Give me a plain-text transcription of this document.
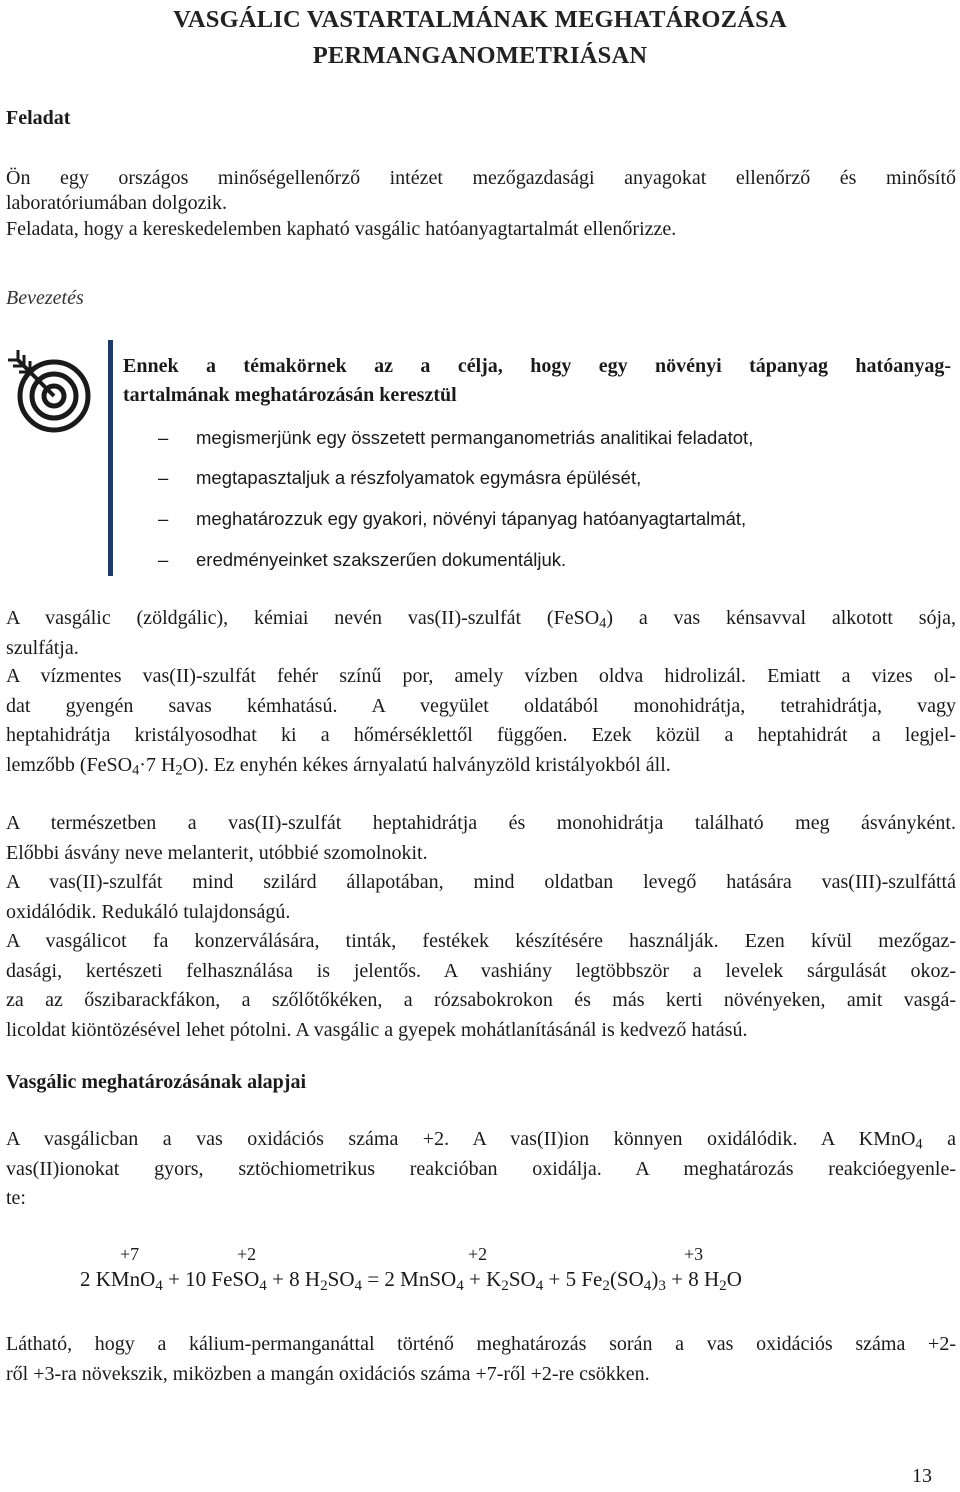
VASGÁLIC VASTARTALMÁNAK MEGHATÁROZÁSA
PERMANGANOMETRIÁSAN
Feladat
Ön egy országos minőségellenőrző intézet mezőgazdasági anyagokat ellenőrző és minősítő
laboratóriumában dolgozik.
Feladata, hogy a kereskedelemben kapható vasgálic hatóanyagtartalmát ellenőrizze.
Bevezetés
Ennek a témakörnek az a célja, hogy egy növényi tápanyag hatóanyag-
tartalmának meghatározásán keresztül
– megismerjünk egy összetett permanganometriás analitikai feladatot,
– megtapasztaljuk a részfolyamatok egymásra épülését,
– meghatározzuk egy gyakori, növényi tápanyag hatóanyagtartalmát,
– eredményeinket szakszerűen dokumentáljuk.
A vasgálic (zöldgálic), kémiai nevén vas(II)-szulfát (FeSO$_4$) a vas kénsavval alkotott sója,
szulfátja.
A vízmentes vas(II)-szulfát fehér színű por, amely vízben oldva hidrolizál. Emiatt a vizes ol-
dat gyengén savas kémhatású. A vegyület oldatából monohidrátja, tetrahidrátja, vagy
heptahidrátja kristályosodhat ki a hőmérséklettől függően. Ezek közül a heptahidrát a legjel-
lemzőbb (FeSO$_4$·7 $H_2O$). Ez enyhén kékes árnyalatú halványzöld kristályokból áll.
A természetben a vas(II)-szulfát heptahidrátja és monohidrátja található meg ásványként.
Előbbi ásvány neve melanterit, utóbbié szomolnokit.
A vas(II)-szulfát mind szilárd állapotában, mind oldatban levegő hatására vas(III)-szulfáttá
oxidálódik. Redukáló tulajdonságú.
A vasgálicot fa konzerválására, tinták, festékek készítésére használják. Ezen kívül mezőgaz-
dasági, kertészeti felhasználása is jelentős. A vashiány legtöbbször a levelek sárgulását okoz-
za az őszibarackfákon, a szőlőtőkéken, a rózsabokrokon és más kerti növényeken, amit vasgá-
licoldat kiöntözésével lehet pótolni. A vasgálic a gyepek mohátlanításánál is kedvező hatású.
Vasgálic meghatározásának alapjai
A vasgálicban a vas oxidációs száma +2. A vas(II)ion könnyen oxidálódik. A KMnO$_4$ a
vas(II)ionokat gyors, sztöchiometrikus reakcióban oxidálja. A meghatározás reakcióegyenle-
te:
+7	+2	+2	+3
2 KMnO$_4$ + 10 FeSO$_4$ + 8 $H_2SO_4 = 2$ MnSO$_4$ + $K_2SO_4 + 5$ $Fe_2(SO_4)_3 + 8$ $H_2O$
Látható, hogy a kálium-permanganáttal történő meghatározás során a vas oxidációs száma +2-
ről +3-ra növekszik, miközben a mangán oxidációs száma +7-ről +2-re csökken.
13
